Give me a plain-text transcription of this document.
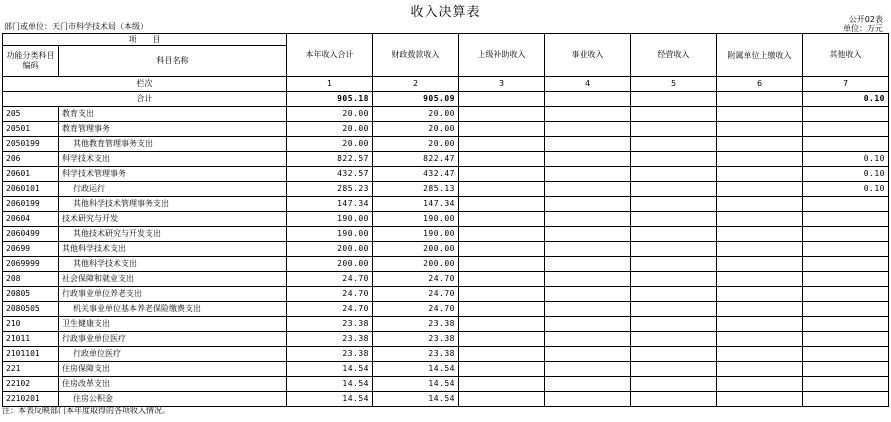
收入决算表
部门或单位：天门市科学技术局（本级）
公开02表
单位：万元
项　　目		本年收入合计	财政拨款收入	上级补助收入	事业收入	经营收入	附属单位上缴收入	其他收入
功能分类科目编码	科目名称							
栏次		1	2	3	4	5	6	7
合计		905.18	905.09					0.10
205	教育支出	20.00	20.00					
20501	教育管理事务	20.00	20.00					
2050199	其他教育管理事务支出	20.00	20.00					
206	科学技术支出	822.57	822.47					0.10
20601	科学技术管理事务	432.57	432.47					0.10
2060101	行政运行	285.23	285.13					0.10
2060199	其他科学技术管理事务支出	147.34	147.34					
20604	技术研究与开发	190.00	190.00					
2060499	其他技术研究与开发支出	190.00	190.00					
20699	其他科学技术支出	200.00	200.00					
2069999	其他科学技术支出	200.00	200.00					
208	社会保障和就业支出	24.70	24.70					
20805	行政事业单位养老支出	24.70	24.70					
2080505	机关事业单位基本养老保险缴费支出	24.70	24.70					
210	卫生健康支出	23.38	23.38					
21011	行政事业单位医疗	23.38	23.38					
2101101	行政单位医疗	23.38	23.38					
221	住房保障支出	14.54	14.54					
22102	住房改革支出	14.54	14.54					
2210201	住房公积金	14.54	14.54					
注：本表反映部门本年度取得的各项收入情况。
